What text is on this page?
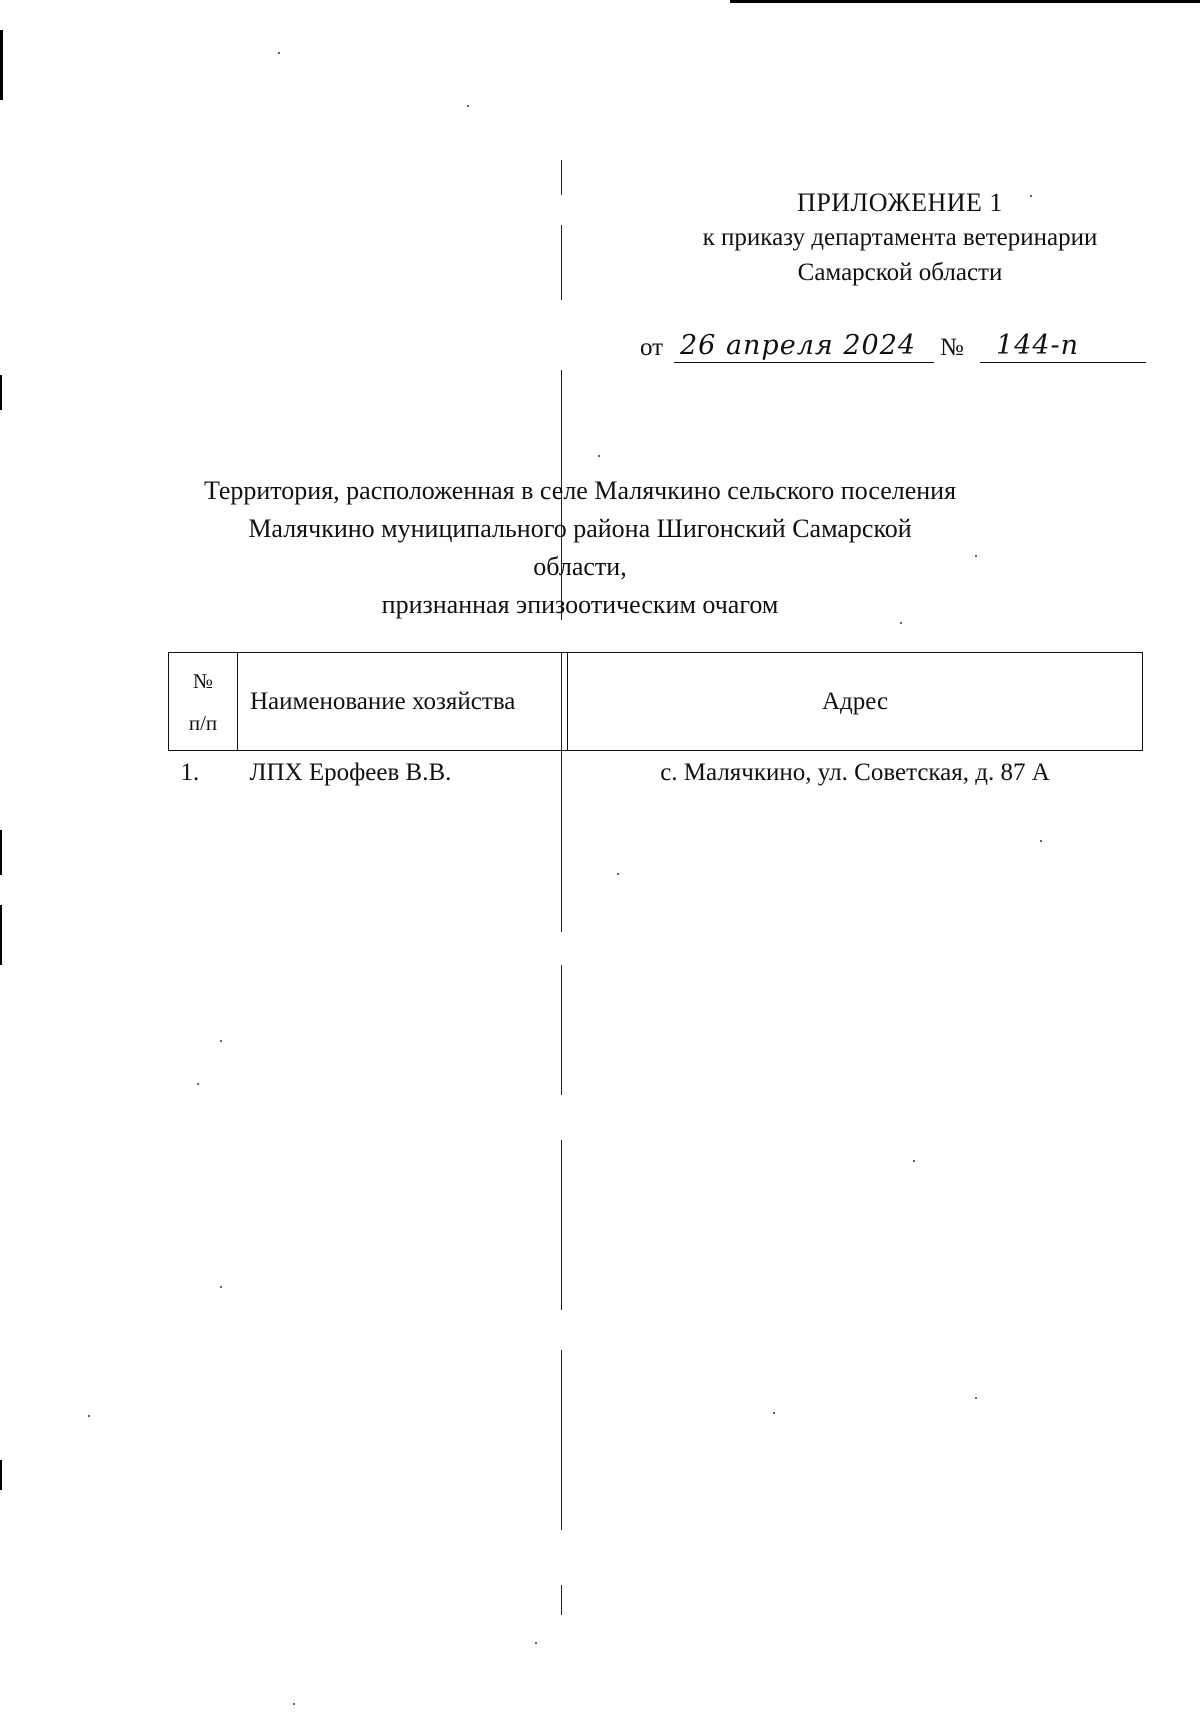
ПРИЛОЖЕНИЕ 1
к приказу департамента ветеринарии
Самарской области
от 26 апреля 2024 №	144-п
Территория, расположенная в селе Малячкино сельского поселения
Малячкино муниципального района Шигонский Самарской области,
признанная эпизоотическим очагом
№
п/п	Наименование хозяйства	Адрес
1.	ЛПХ Ерофеев В.В.	с. Малячкино, ул. Советская, д. 87 А
